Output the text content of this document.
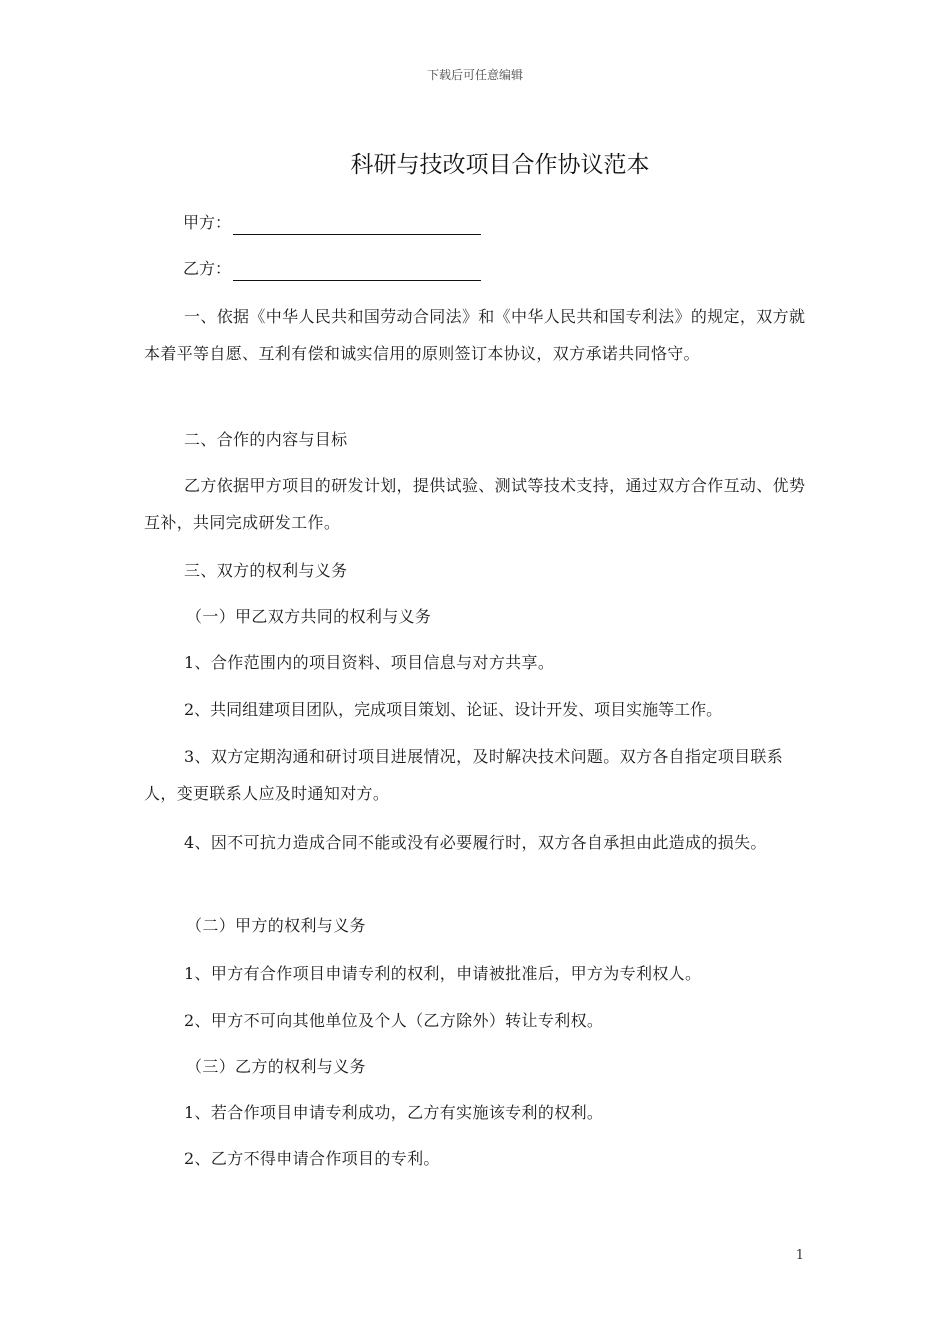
下载后可任意编辑
科研与技改项目合作协议范本
甲方：
乙方：

一、依据《中华人民共和国劳动合同法》和《中华人民共和国专利法》的规定，双方就本着平等自愿、互利有偿和诚实信用的原则签订本协议，双方承诺共同恪守。

二、合作的内容与目标

乙方依据甲方项目的研发计划，提供试验、测试等技术支持，通过双方合作互动、优势互补，共同完成研发工作。

三、双方的权利与义务

（一）甲乙双方共同的权利与义务

1、合作范围内的项目资料、项目信息与对方共享。

2、共同组建项目团队，完成项目策划、论证、设计开发、项目实施等工作。

3、双方定期沟通和研讨项目进展情况，及时解决技术问题。双方各自指定项目联系人，变更联系人应及时通知对方。

4、因不可抗力造成合同不能或没有必要履行时，双方各自承担由此造成的损失。

（二）甲方的权利与义务

1、甲方有合作项目申请专利的权利，申请被批准后，甲方为专利权人。

2、甲方不可向其他单位及个人（乙方除外）转让专利权。

（三）乙方的权利与义务

1、若合作项目申请专利成功，乙方有实施该专利的权利。

2、乙方不得申请合作项目的专利。

1
